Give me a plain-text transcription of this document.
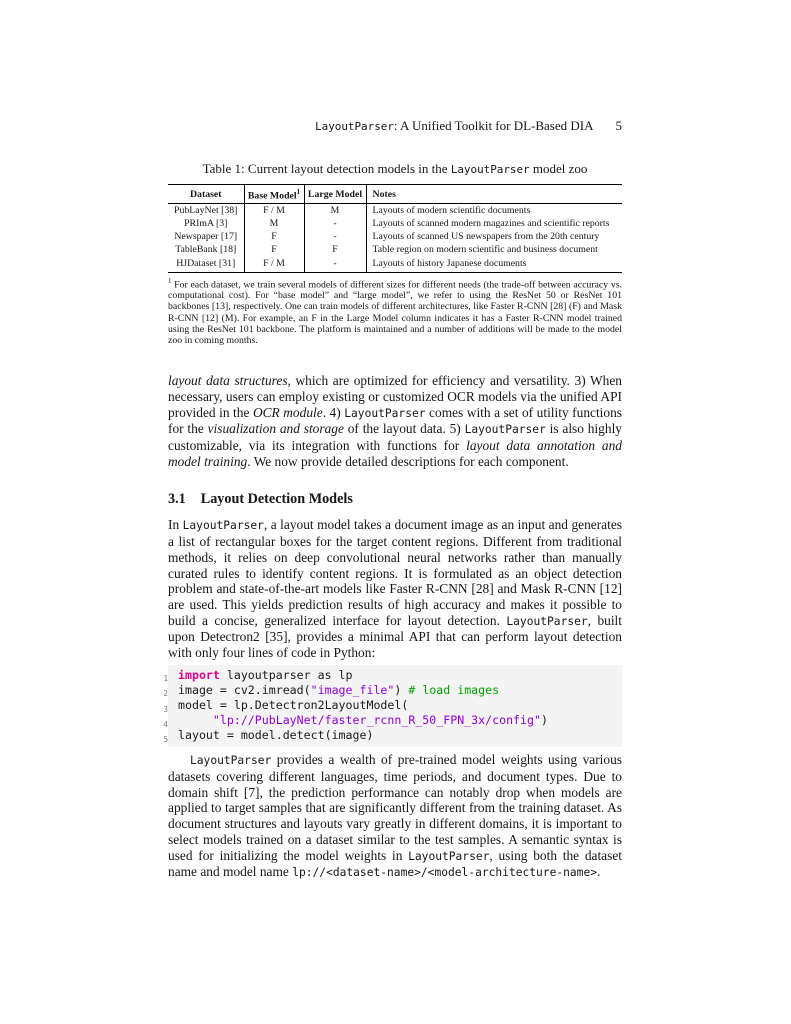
LayoutParser: A Unified Toolkit for DL-Based DIA 5
Table 1: Current layout detection models in the LayoutParser model zoo
Dataset	Base Model$^1$	Large Model	Notes
PubLayNet [38]	F / M	M	Layouts of modern scientific documents
PRImA [3]	M	-	Layouts of scanned modern magazines and scientific reports
Newspaper [17]	F	-	Layouts of scanned US newspapers from the 20th century
TableBank [18]	F	F	Table region on modern scientific and business document
HJDataset [31]	F / M	-	Layouts of history Japanese documents
$^1$ For each dataset, we train several models of different sizes for different needs (the trade-off between accuracy vs. computational cost). For “base model” and “large model”, we refer to using the ResNet 50 or ResNet 101 backbones [13], respectively. One can train models of different architectures, like Faster R-CNN [28] (F) and Mask R-CNN [12] (M). For example, an F in the Large Model column indicates it has a Faster R-CNN model trained using the ResNet 101 backbone. The platform is maintained and a number of additions will be made to the model zoo in coming months.

layout data structures, which are optimized for efficiency and versatility. 3) When necessary, users can employ existing or customized OCR models via the unified API provided in the OCR module. 4) LayoutParser comes with a set of utility functions for the visualization and storage of the layout data. 5) LayoutParser is also highly customizable, via its integration with functions for layout data annotation and model training. We now provide detailed descriptions for each component.

3.1 Layout Detection Models

In LayoutParser, a layout model takes a document image as an input and generates a list of rectangular boxes for the target content regions. Different from traditional methods, it relies on deep convolutional neural networks rather than manually curated rules to identify content regions. It is formulated as an object detection problem and state-of-the-art models like Faster R-CNN [28] and Mask R-CNN [12] are used. This yields prediction results of high accuracy and makes it possible to build a concise, generalized interface for layout detection. LayoutParser, built upon Detectron2 [35], provides a minimal API that can perform layout detection with only four lines of code in Python:

1 import layoutparser as lp
2 image = cv2.imread("image_file") # load images
3 model = lp.Detectron2LayoutModel(
4	"lp://PubLayNet/faster_rcnn_R_50_FPN_3x/config")
5 layout = model.detect(image)

LayoutParser provides a wealth of pre-trained model weights using various datasets covering different languages, time periods, and document types. Due to domain shift [7], the prediction performance can notably drop when models are applied to target samples that are significantly different from the training dataset. As document structures and layouts vary greatly in different domains, it is important to select models trained on a dataset similar to the test samples. A semantic syntax is used for initializing the model weights in LayoutParser, using both the dataset name and model name lp://<dataset-name>/<model-architecture-name>.
